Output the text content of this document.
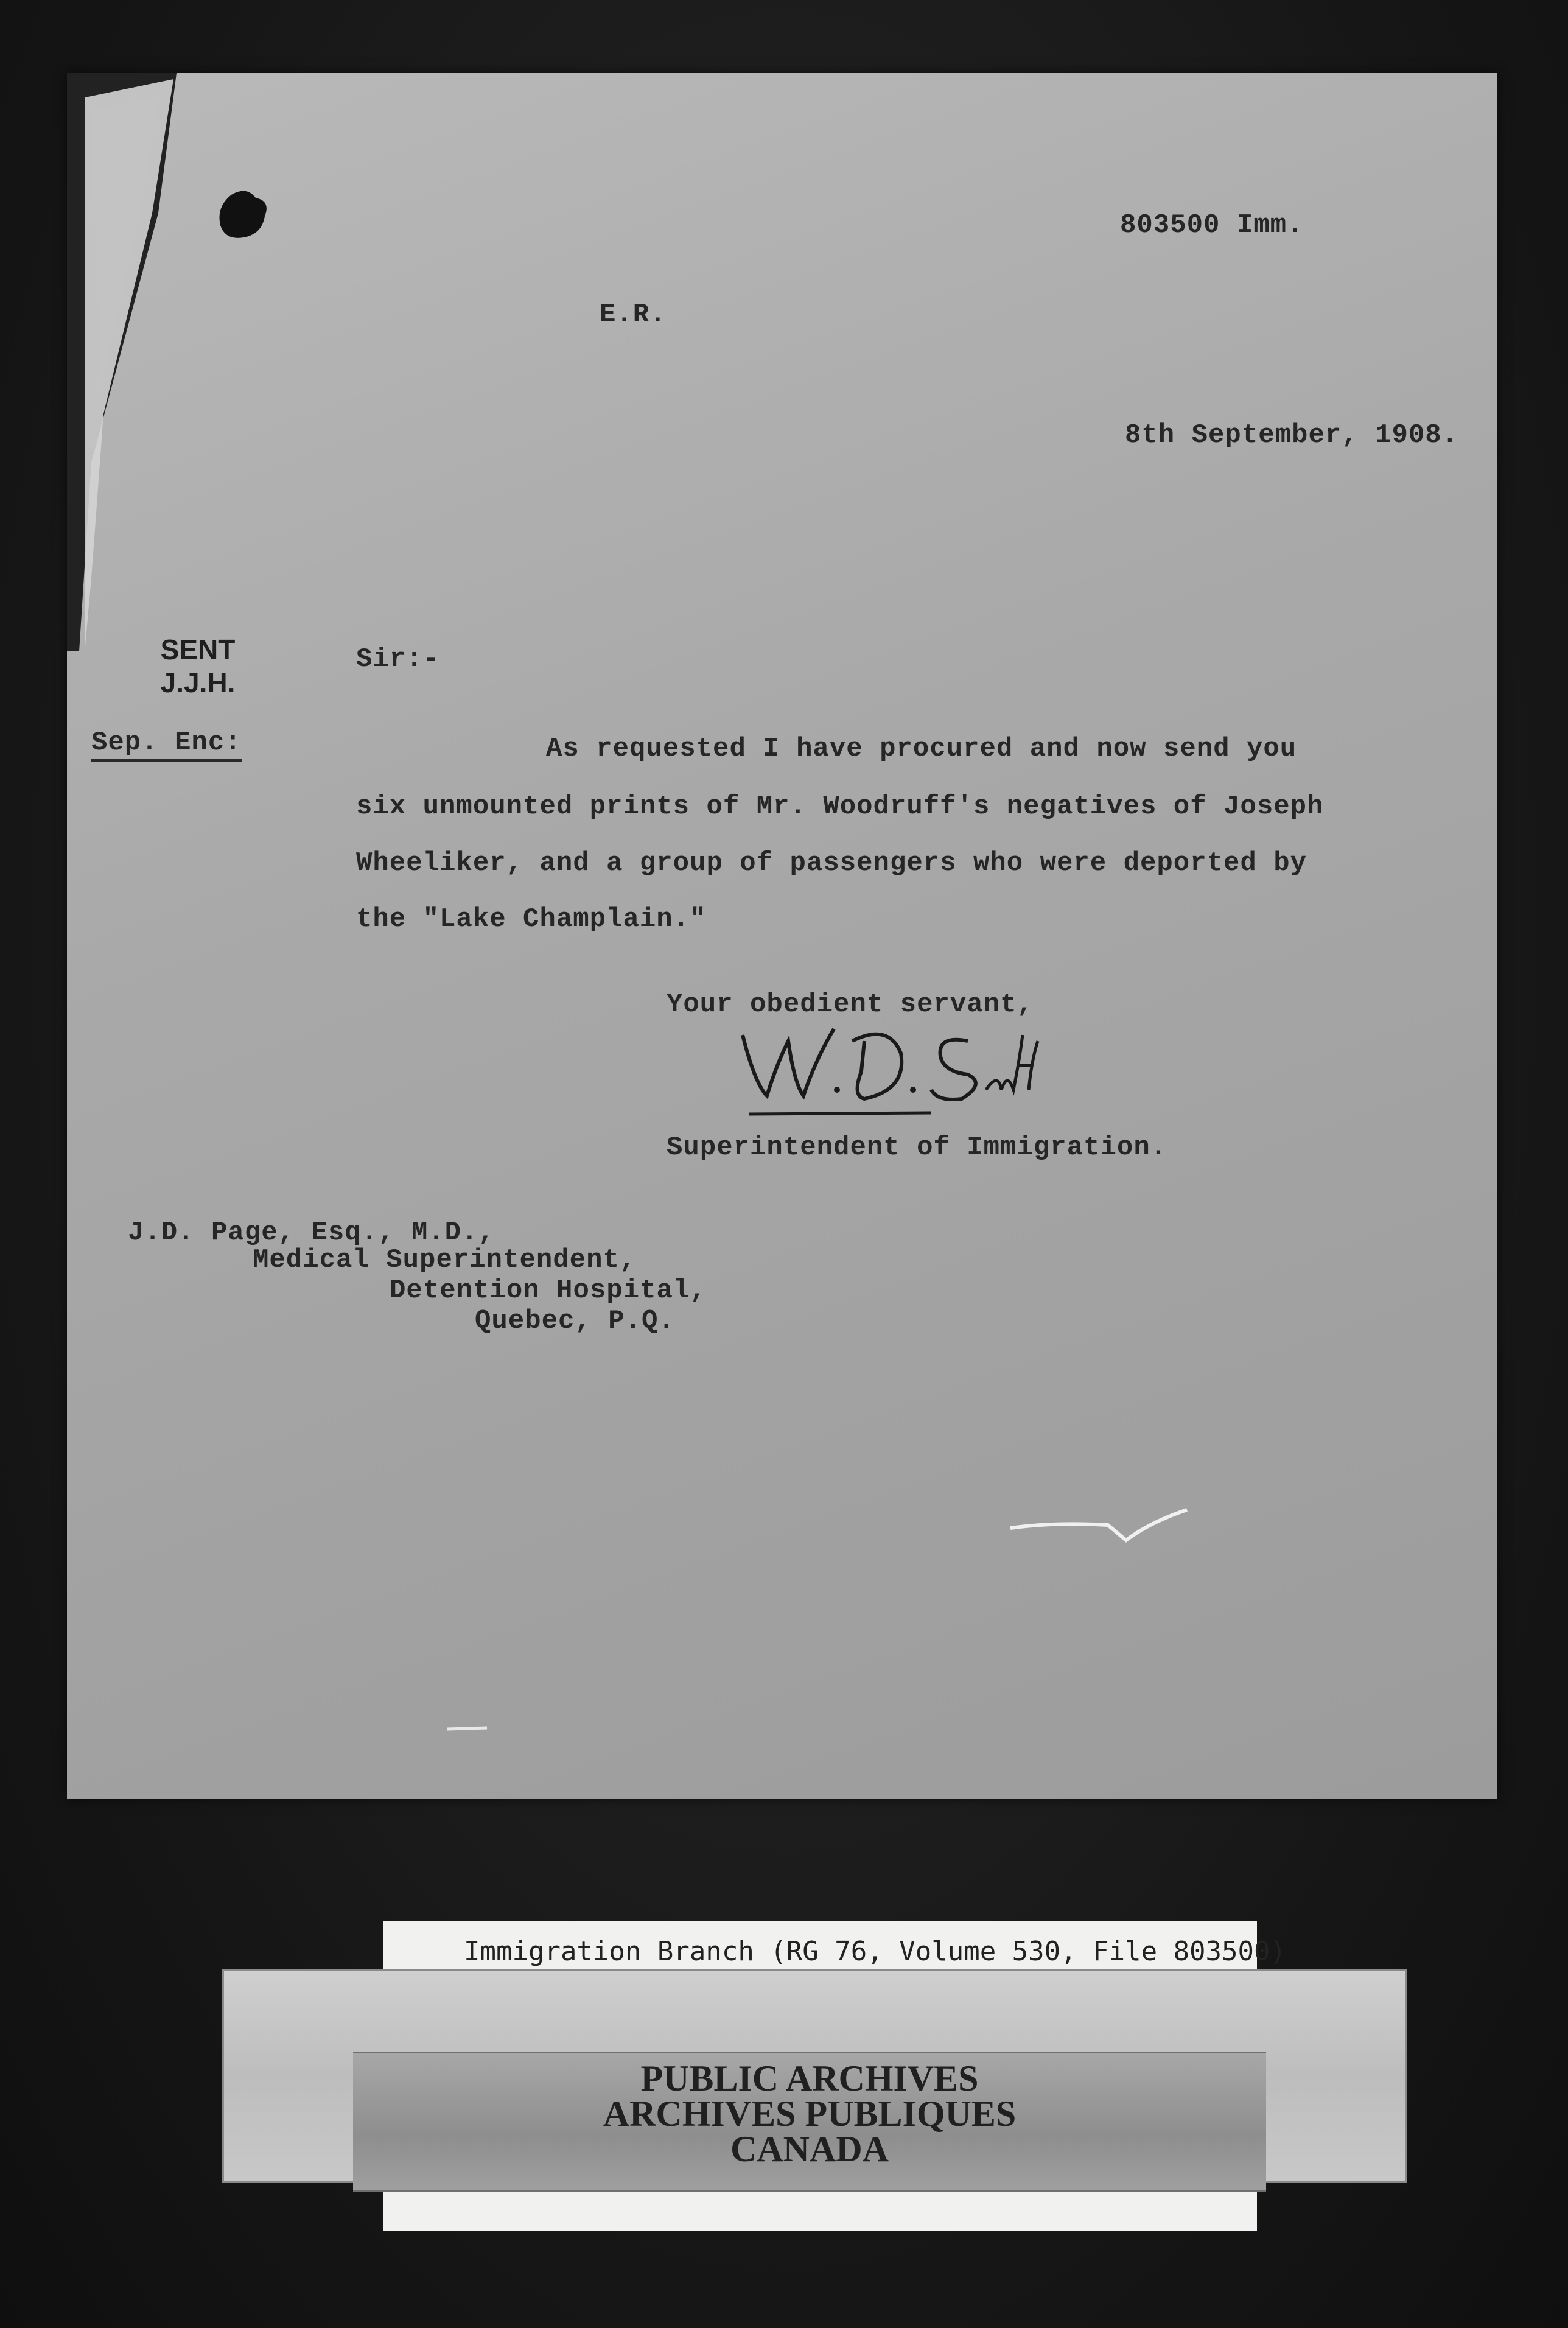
803500 Imm.
E.R.
8th September, 1908.
SENT
J.J.H.
Sep. Enc:
Sir:-
As requested I have procured and now send you
six unmounted prints of Mr. Woodruff's negatives of Joseph
Wheeliker, and a group of passengers who were deported by
the "Lake Champlain."
Your obedient servant,
Superintendent of Immigration.
J.D. Page, Esq., M.D.,
Medical Superintendent,
Detention Hospital,
Quebec, P.Q.
Immigration Branch (RG 76, Volume 530, File 803500)
PUBLIC ARCHIVES
ARCHIVES PUBLIQUES
CANADA
